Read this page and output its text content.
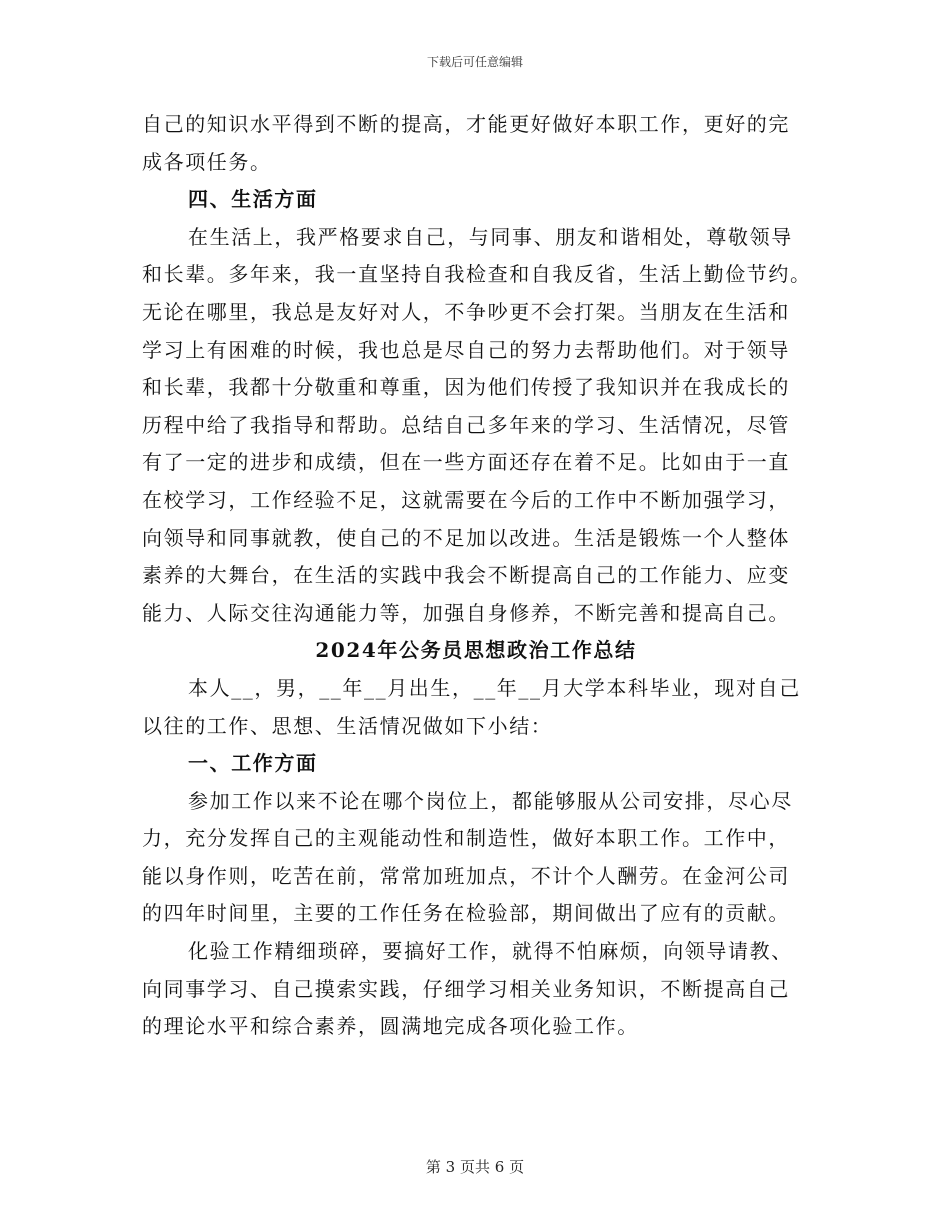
下载后可任意编辑
自己的知识水平得到不断的提高，才能更好做好本职工作，更好的完
成各项任务。
四、生活方面
在生活上，我严格要求自己，与同事、朋友和谐相处，尊敬领导
和长辈。多年来，我一直坚持自我检查和自我反省，生活上勤俭节约。
无论在哪里，我总是友好对人，不争吵更不会打架。当朋友在生活和
学习上有困难的时候，我也总是尽自己的努力去帮助他们。对于领导
和长辈，我都十分敬重和尊重，因为他们传授了我知识并在我成长的
历程中给了我指导和帮助。总结自己多年来的学习、生活情况，尽管
有了一定的进步和成绩，但在一些方面还存在着不足。比如由于一直
在校学习，工作经验不足，这就需要在今后的工作中不断加强学习，
向领导和同事就教，使自己的不足加以改进。生活是锻炼一个人整体
素养的大舞台，在生活的实践中我会不断提高自己的工作能力、应变
能力、人际交往沟通能力等，加强自身修养，不断完善和提高自己。
2024年公务员思想政治工作总结
本人__，男，__年__月出生，__年__月大学本科毕业，现对自己
以往的工作、思想、生活情况做如下小结：
一、工作方面
参加工作以来不论在哪个岗位上，都能够服从公司安排，尽心尽
力，充分发挥自己的主观能动性和制造性，做好本职工作。工作中，
能以身作则，吃苦在前，常常加班加点，不计个人酬劳。在金河公司
的四年时间里，主要的工作任务在检验部，期间做出了应有的贡献。
化验工作精细琐碎，要搞好工作，就得不怕麻烦，向领导请教、
向同事学习、自己摸索实践，仔细学习相关业务知识，不断提高自己
的理论水平和综合素养，圆满地完成各项化验工作。
第 3 页共 6 页
